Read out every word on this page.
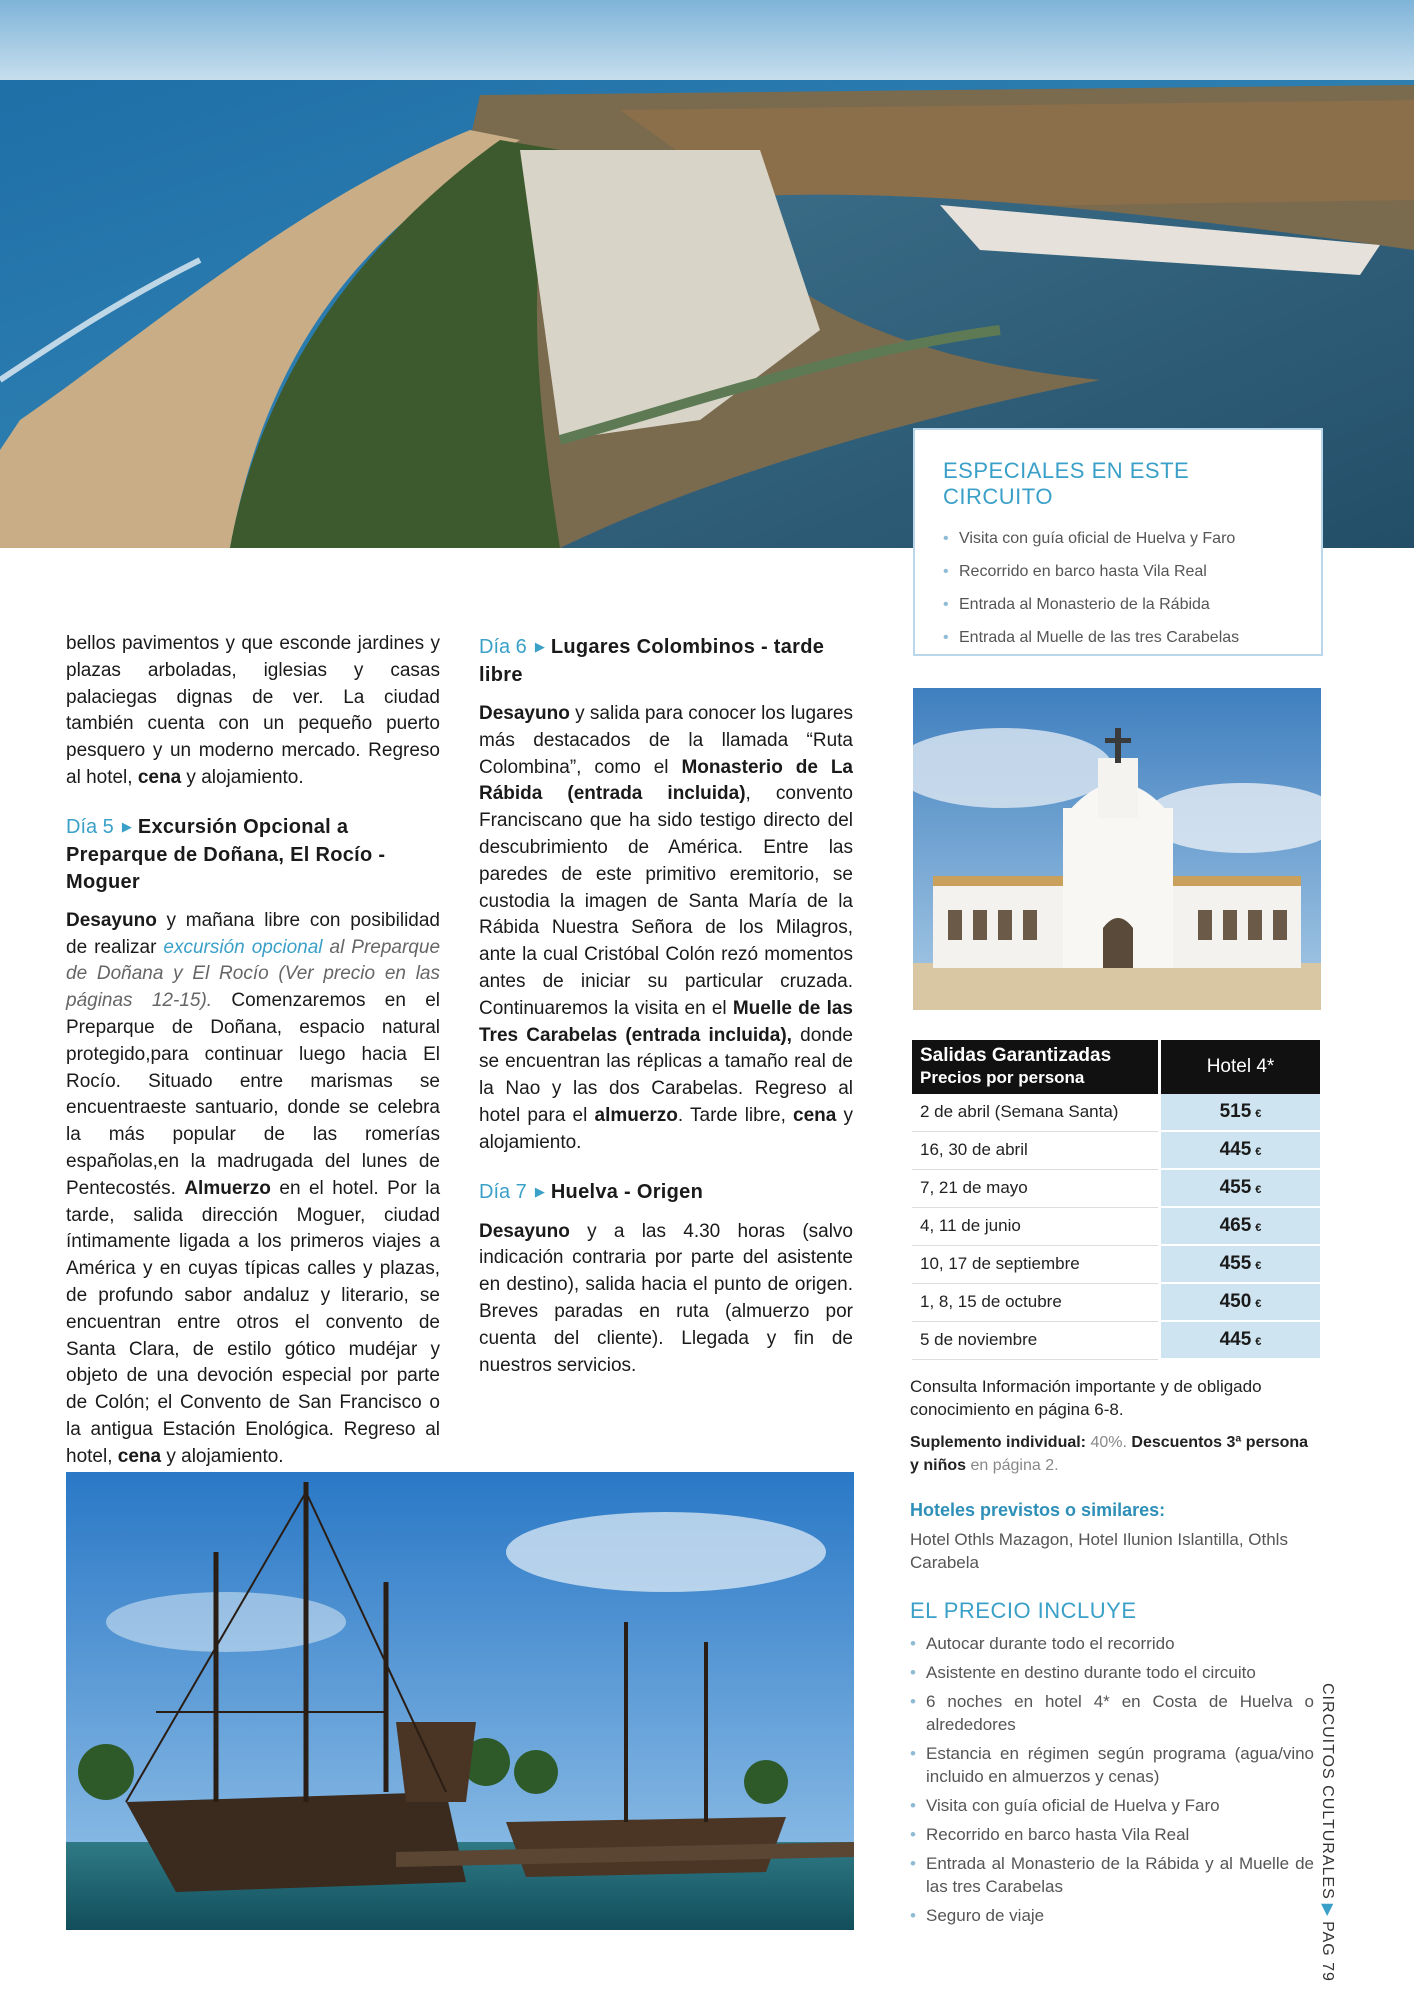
ESPECIALES EN ESTE CIRCUITO
• Visita con guía oficial de Huelva y Faro
• Recorrido en barco hasta Vila Real
• Entrada al Monasterio de la Rábida
• Entrada al Muelle de las tres Carabelas

bellos pavimentos y que esconde jardines y plazas arboladas, iglesias y casas palaciegas dignas de ver. La ciudad también cuenta con un pequeño puerto pesquero y un moderno mercado. Regreso al hotel, cena y alojamiento.

Día 5 ▶ Excursión Opcional a Preparque de Doñana, El Rocío - Moguer

Desayuno y mañana libre con posibilidad de realizar excursión opcional al Preparque de Doñana y El Rocío (Ver precio en las páginas 12-15). Comenzaremos en el Preparque de Doñana, espacio natural protegido,para continuar luego hacia El Rocío. Situado entre marismas se encuentraeste santuario, donde se celebra la más popular de las romerías españolas,en la madrugada del lunes de Pentecostés. Almuerzo en el hotel. Por la tarde, salida dirección Moguer, ciudad íntimamente ligada a los primeros viajes a América y en cuyas típicas calles y plazas, de profundo sabor andaluz y literario, se encuentran entre otros el convento de Santa Clara, de estilo gótico mudéjar y objeto de una devoción especial por parte de Colón; el Convento de San Francisco o la antigua Estación Enológica. Regreso al hotel, cena y alojamiento.

Día 6 ▶ Lugares Colombinos - tarde libre

Desayuno y salida para conocer los lugares más destacados de la llamada “Ruta Colombina”, como el Monasterio de La Rábida (entrada incluida), convento Franciscano que ha sido testigo directo del descubrimiento de América. Entre las paredes de este primitivo eremitorio, se custodia la imagen de Santa María de la Rábida Nuestra Señora de los Milagros, ante la cual Cristóbal Colón rezó momentos antes de iniciar su particular cruzada. Continuaremos la visita en el Muelle de las Tres Carabelas (entrada incluida), donde se encuentran las réplicas a tamaño real de la Nao y las dos Carabelas. Regreso al hotel para el almuerzo. Tarde libre, cena y alojamiento.

Día 7 ▶ Huelva - Origen

Desayuno y a las 4.30 horas (salvo indicación contraria por parte del asistente en destino), salida hacia el punto de origen. Breves paradas en ruta (almuerzo por cuenta del cliente). Llegada y fin de nuestros servicios.

Salidas Garantizadas
Precios por persona	Hotel 4*
2 de abril (Semana Santa)	515 €
16, 30 de abril	445 €
7, 21 de mayo	455 €
4, 11 de junio	465 €
10, 17 de septiembre	455 €
1, 8, 15 de octubre	450 €
5 de noviembre	445 €
Consulta Información importante y de obligado conocimiento en página 6-8.
Suplemento individual: 40%. Descuentos 3ª persona y niños en página 2.
Hoteles previstos o similares:
Hotel Othls Mazagon, Hotel Ilunion Islantilla, Othls Carabela
EL PRECIO INCLUYE
• Autocar durante todo el recorrido
• Asistente en destino durante todo el circuito
• 6 noches en hotel 4* en Costa de Huelva o alrededores
• Estancia en régimen según programa (agua/vino incluido en almuerzos y cenas)
• Visita con guía oficial de Huelva y Faro
• Recorrido en barco hasta Vila Real
• Entrada al Monasterio de la Rábida y al Muelle de las tres Carabelas
• Seguro de viaje
CIRCUITOS CULTURALES▶PAG 79
